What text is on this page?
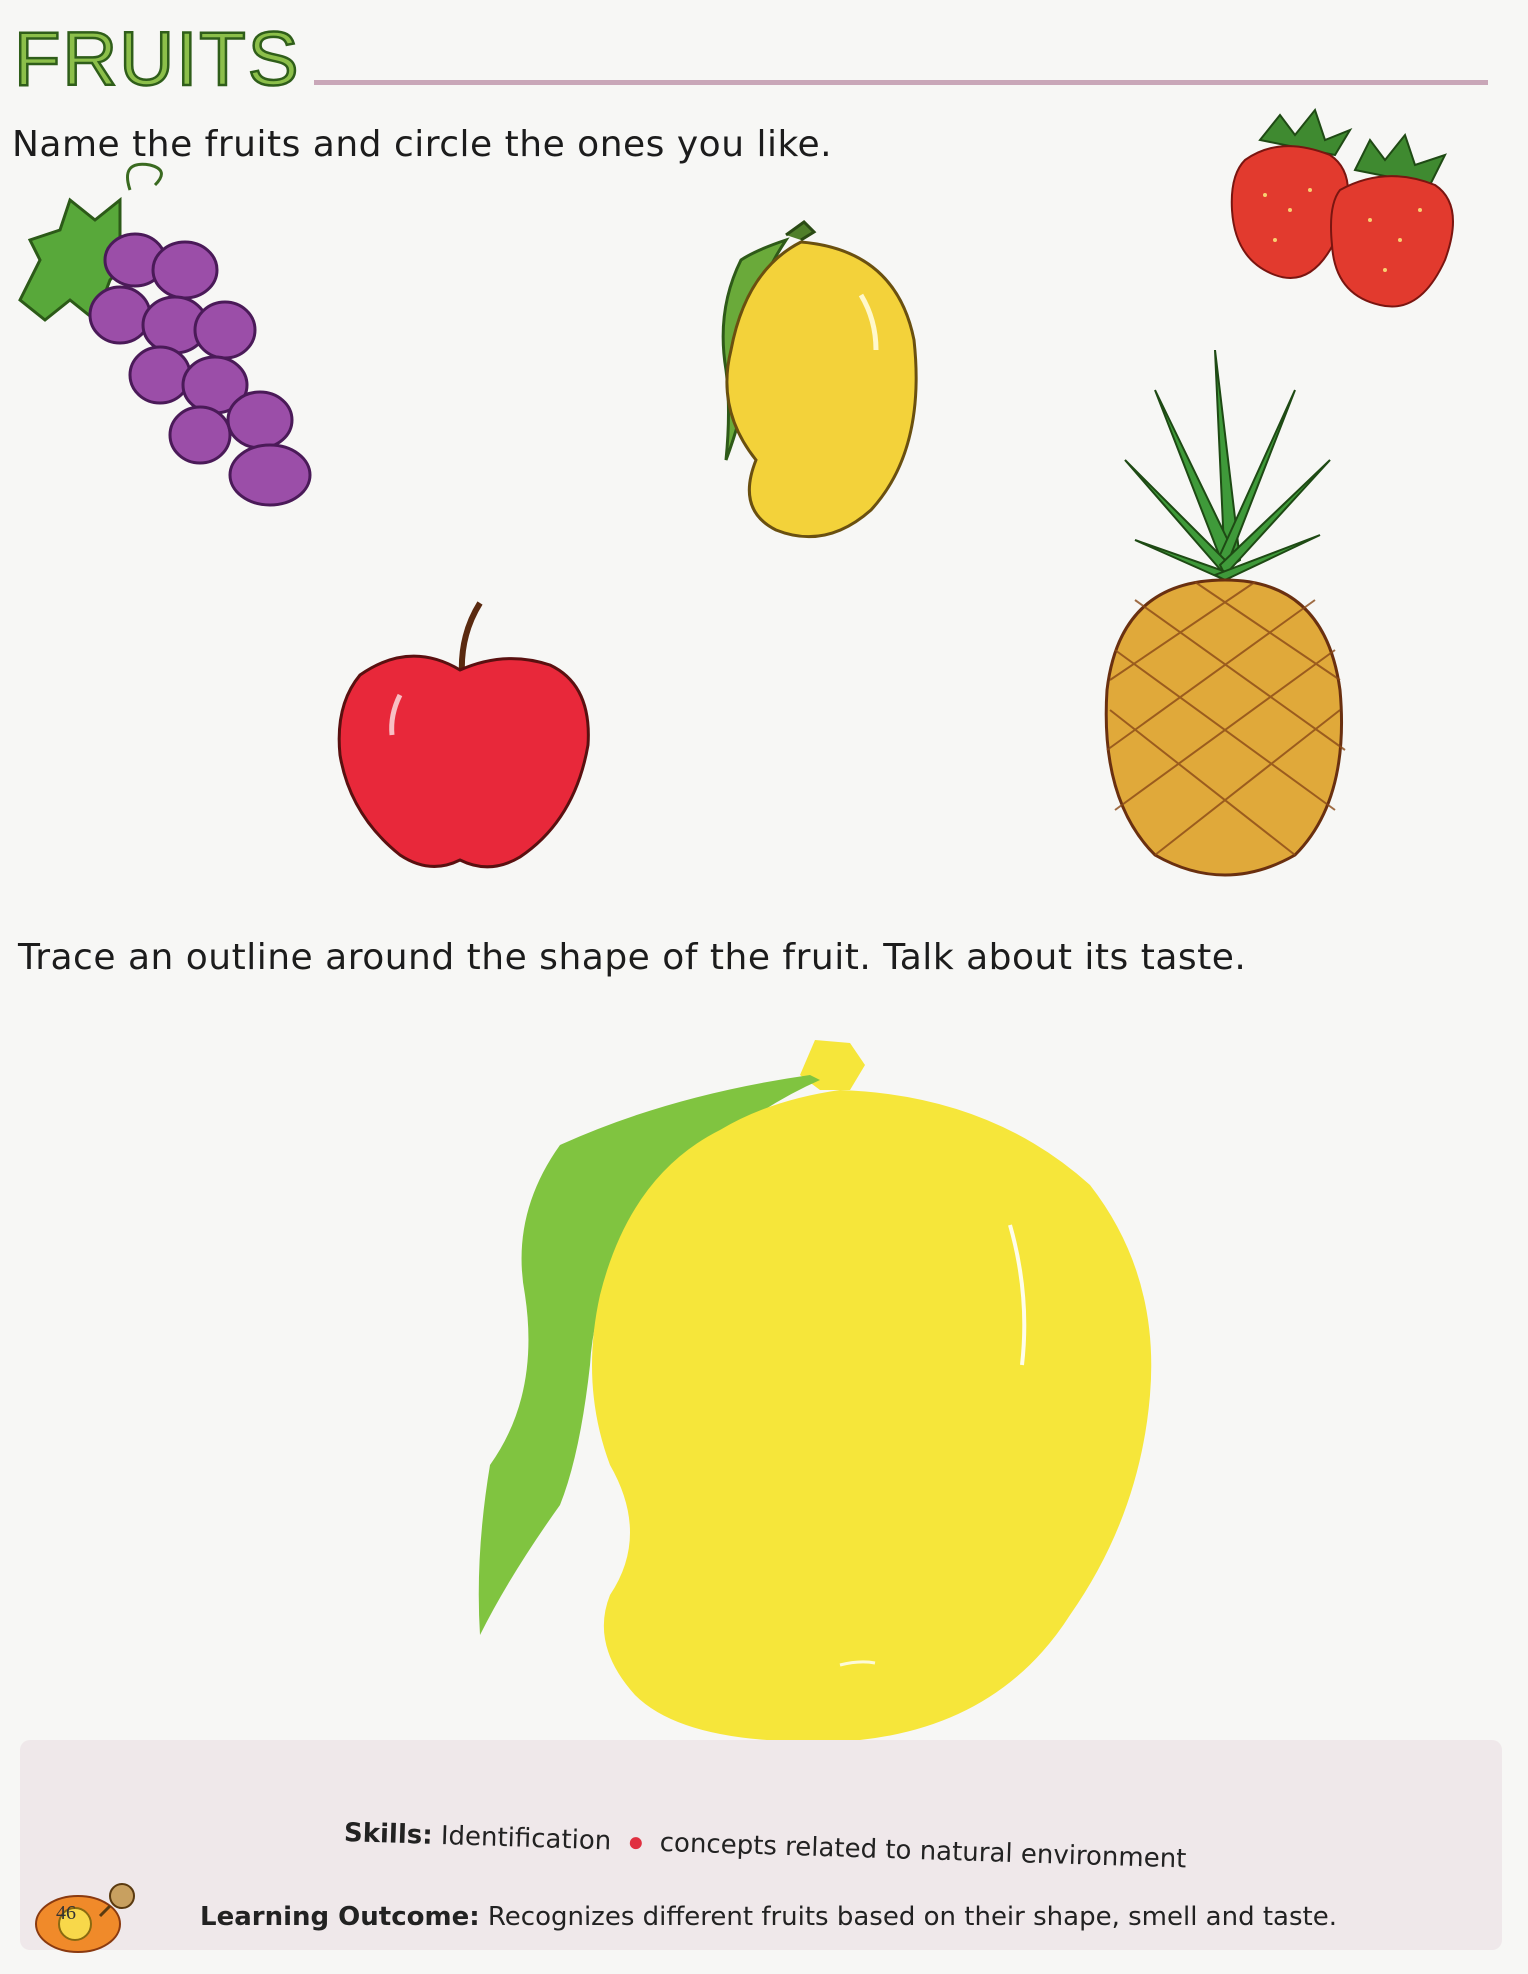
FRUITS
Name the fruits and circle the ones you like.
Trace an outline around the shape of the fruit. Talk about its taste.
Skills: Identification concepts related to natural environment
46	Learning Outcome: Recognizes different fruits based on their shape, smell and taste.
